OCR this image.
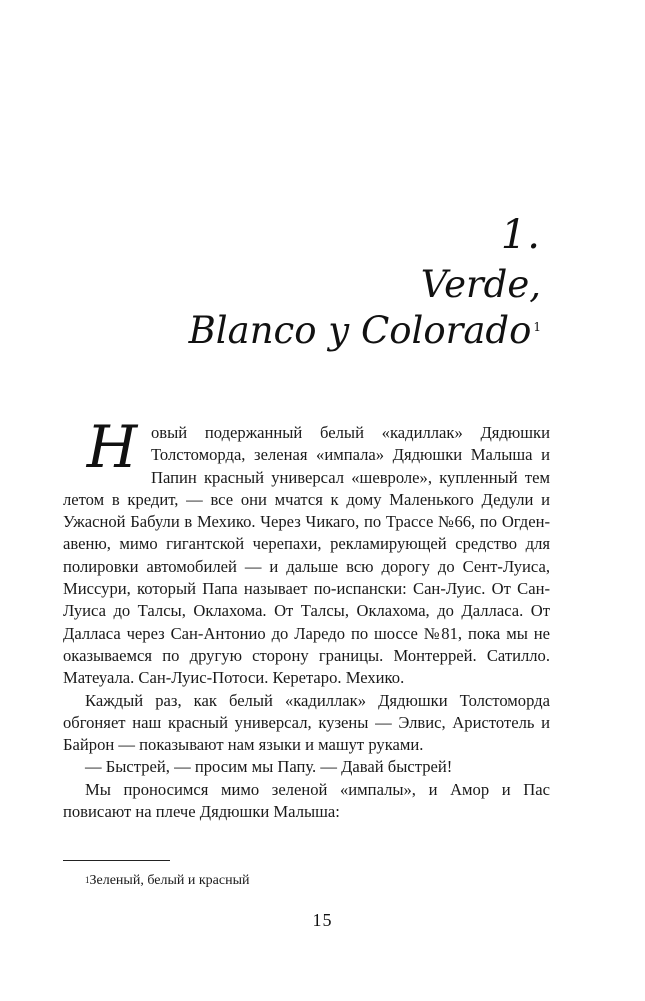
1.
Verde,
Blanco y Colorado $^1$

Новый подержанный белый «кадиллак» Дядюшки Толстоморда, зеленая «импала» Дядюшки Малыша и Папин красный универсал «шевроле», купленный тем летом в кредит, — все они мчатся к дому Маленького Дедули и Ужасной Бабули в Мехико. Через Чикаго, по Трассе №66, по Огден-авеню, мимо гигантской черепахи, рекламирующей средство для полировки автомобилей — и дальше всю дорогу до Сент-Луиса, Миссури, который Папа называет по-испански: Сан-Луис. От Сан-Луиса до Талсы, Оклахома. От Талсы, Оклахома, до Далласа. От Далласа через Сан-Антонио до Ларедо по шоссе №81, пока мы не оказываемся по другую сторону границы. Монтеррей. Сатилло. Матеуала. Сан-Луис-Потоси. Керетаро. Мехико.

Каждый раз, как белый «кадиллак» Дядюшки Толстоморда обгоняет наш красный универсал, кузены — Элвис, Аристотель и Байрон — показывают нам языки и машут руками.

— Быстрей, — просим мы Папу. — Давай быстрей!

Мы проносимся мимо зеленой «импалы», и Амор и Пас повисают на плече Дядюшки Малыша:

$^1$Зеленый, белый и красный
15
